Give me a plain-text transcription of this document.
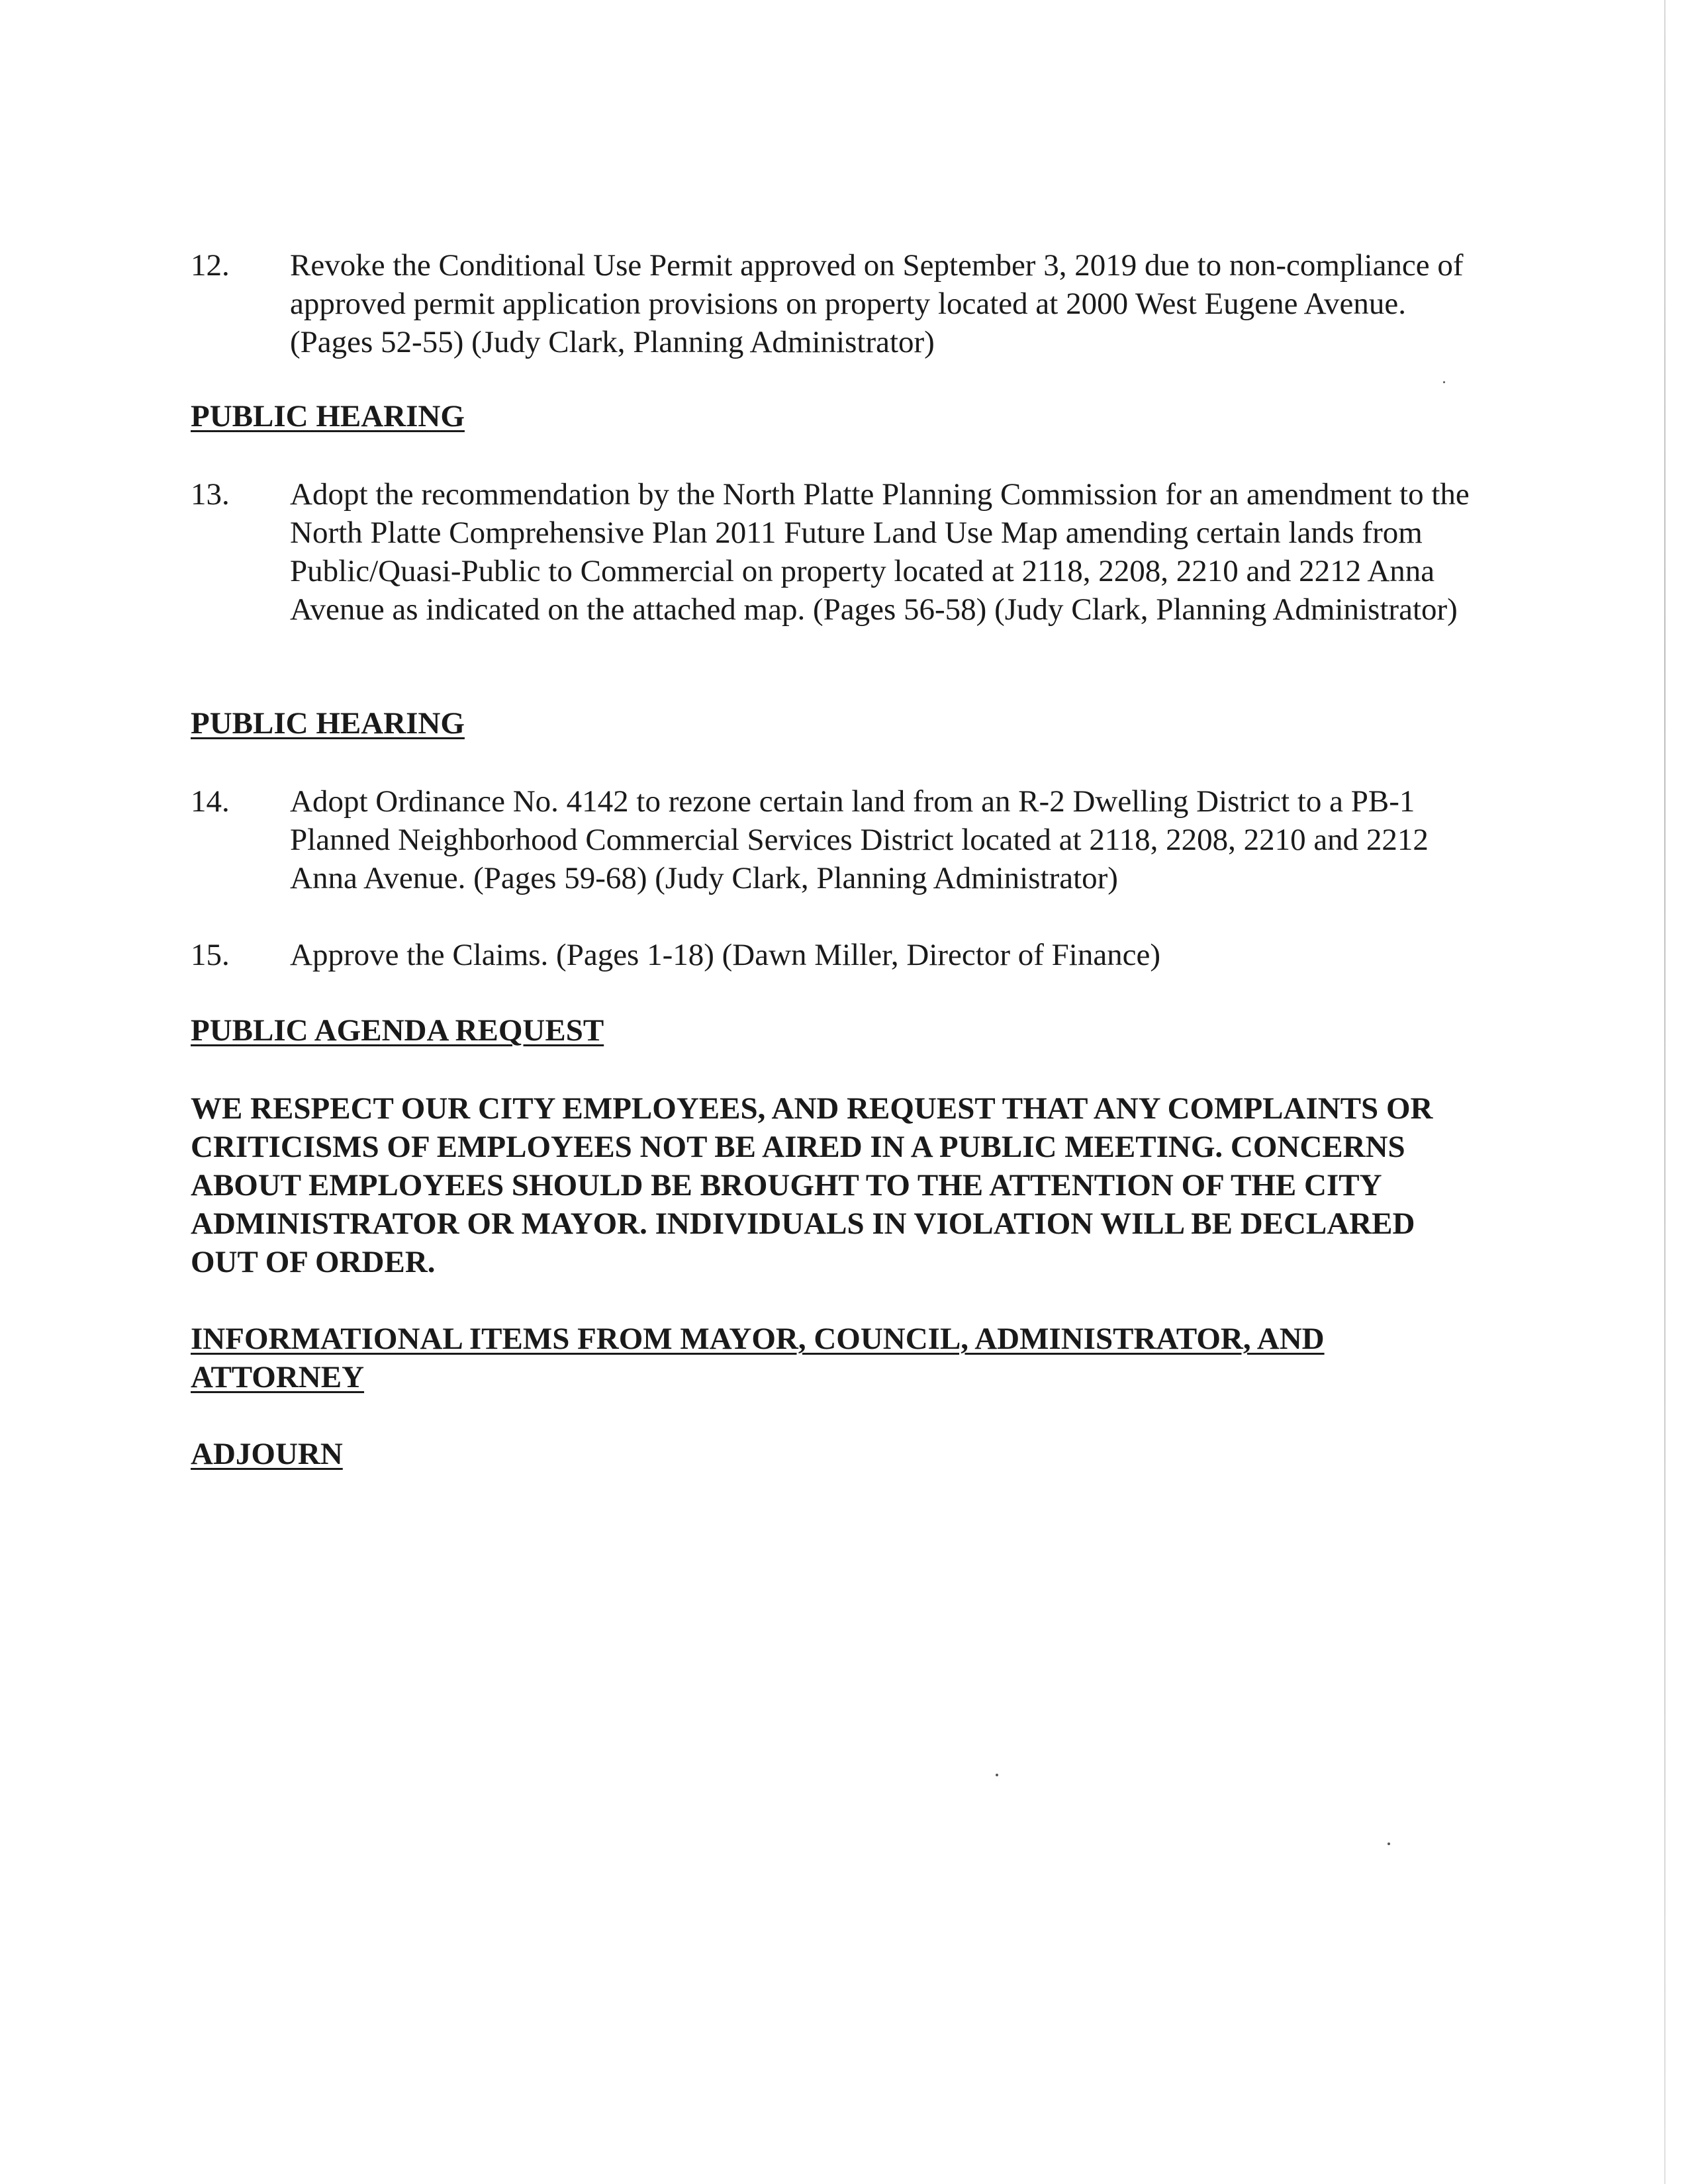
12.	Revoke the Conditional Use Permit approved on September 3, 2019 due to non-compliance of approved permit application provisions on property located at 2000 West Eugene Avenue. (Pages 52-55) (Judy Clark, Planning Administrator)
PUBLIC HEARING
13.	Adopt the recommendation by the North Platte Planning Commission for an amendment to the North Platte Comprehensive Plan 2011 Future Land Use Map amending certain lands from Public/Quasi-Public to Commercial on property located at 2118, 2208, 2210 and 2212 Anna Avenue as indicated on the attached map. (Pages 56-58) (Judy Clark, Planning Administrator)
PUBLIC HEARING
14.	Adopt Ordinance No. 4142 to rezone certain land from an R-2 Dwelling District to a PB-1 Planned Neighborhood Commercial Services District located at 2118, 2208, 2210 and 2212 Anna Avenue. (Pages 59-68) (Judy Clark, Planning Administrator)
15.	Approve the Claims. (Pages 1-18) (Dawn Miller, Director of Finance)
PUBLIC AGENDA REQUEST
WE RESPECT OUR CITY EMPLOYEES, AND REQUEST THAT ANY COMPLAINTS OR CRITICISMS OF EMPLOYEES NOT BE AIRED IN A PUBLIC MEETING. CONCERNS ABOUT EMPLOYEES SHOULD BE BROUGHT TO THE ATTENTION OF THE CITY ADMINISTRATOR OR MAYOR. INDIVIDUALS IN VIOLATION WILL BE DECLARED OUT OF ORDER.
INFORMATIONAL ITEMS FROM MAYOR, COUNCIL, ADMINISTRATOR, AND ATTORNEY
ADJOURN
